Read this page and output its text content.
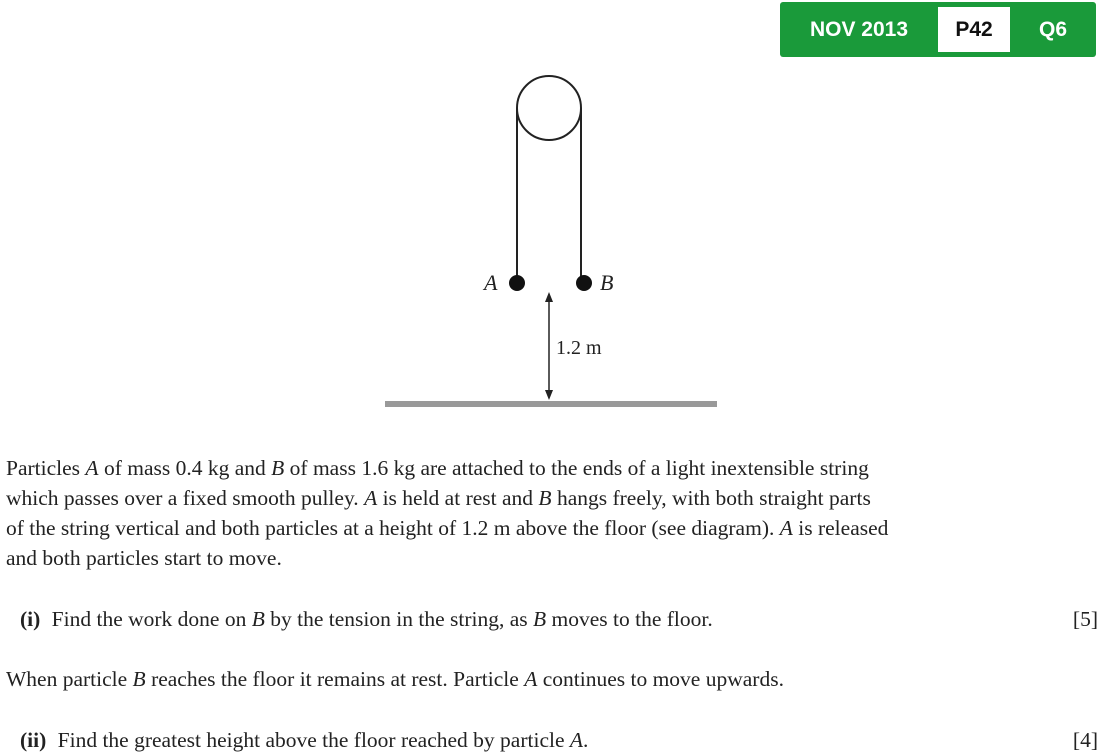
NOV 2013	P42	Q6
A	B
1.2 m
Particles A of mass 0.4 kg and B of mass 1.6 kg are attached to the ends of a light inextensible string
which passes over a fixed smooth pulley. A is held at rest and B hangs freely, with both straight parts
of the string vertical and both particles at a height of 1.2 m above the floor (see diagram). A is released
and both particles start to move.
(i) Find the work done on B by the tension in the string, as B moves to the floor.	[5]
When particle B reaches the floor it remains at rest. Particle A continues to move upwards.
(ii) Find the greatest height above the floor reached by particle A.	[4]
